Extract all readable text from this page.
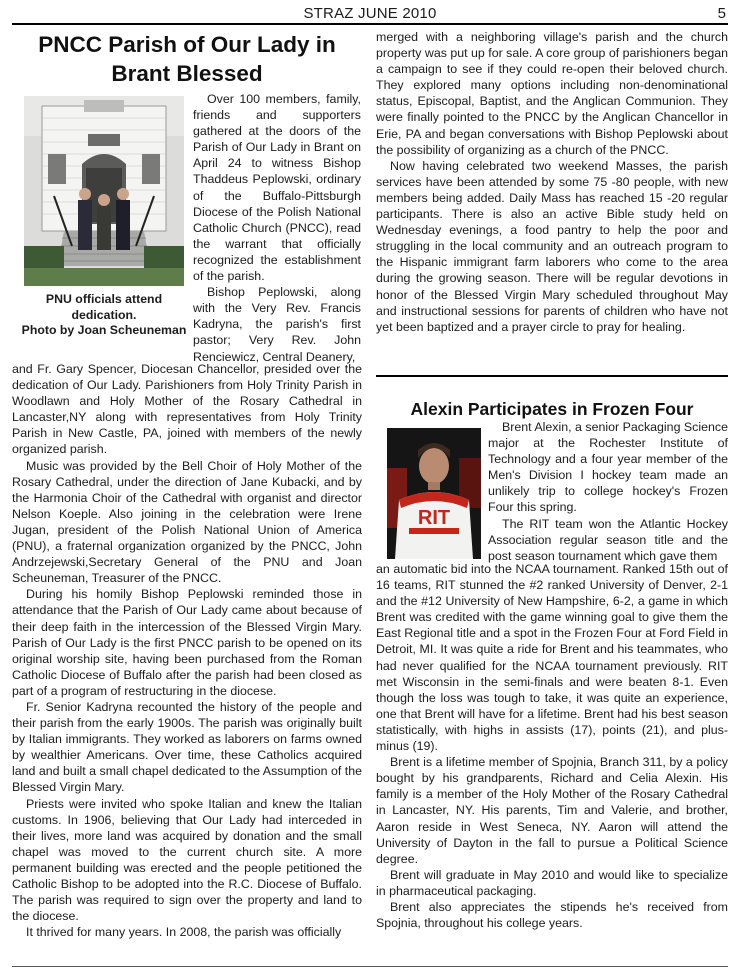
STRAZ JUNE 2010	5
PNCC Parish of Our Lady in Brant Blessed
PNU officials attend dedication.
Photo by Joan Scheuneman

Over 100 members, family, friends and supporters gathered at the doors of the Parish of Our Lady in Brant on April 24 to witness Bishop Thaddeus Peplowski, ordinary of the Buffalo-Pittsburgh Diocese of the Polish National Catholic Church (PNCC), read the warrant that officially recognized the establishment of the parish.

Bishop Peplowski, along with the Very Rev. Francis Kadryna, the parish's first pastor; Very Rev. John Renciewicz, Central Deanery,

and Fr. Gary Spencer, Diocesan Chancellor, presided over the dedication of Our Lady. Parishioners from Holy Trinity Parish in Woodlawn and Holy Mother of the Rosary Cathedral in Lancaster,NY along with representatives from Holy Trinity Parish in New Castle, PA, joined with members of the newly organized parish.

Music was provided by the Bell Choir of Holy Mother of the Rosary Cathedral, under the direction of Jane Kubacki, and by the Harmonia Choir of the Cathedral with organist and director Nelson Koeple. Also joining in the celebration were Irene Jugan, president of the Polish National Union of America (PNU), a fraternal organization organized by the PNCC, John Andrzejewski,Secretary General of the PNU and Joan Scheuneman, Treasurer of the PNCC.

During his homily Bishop Peplowski reminded those in attendance that the Parish of Our Lady came about because of their deep faith in the intercession of the Blessed Virgin Mary. Parish of Our Lady is the first PNCC parish to be opened on its original worship site, having been purchased from the Roman Catholic Diocese of Buffalo after the parish had been closed as part of a program of restructuring in the diocese.

Fr. Senior Kadryna recounted the history of the people and their parish from the early 1900s. The parish was originally built by Italian immigrants. They worked as laborers on farms owned by wealthier Americans. Over time, these Catholics acquired land and built a small chapel dedicated to the Assumption of the Blessed Virgin Mary.

Priests were invited who spoke Italian and knew the Italian customs. In 1906, believing that Our Lady had interceded in their lives, more land was acquired by donation and the small chapel was moved to the current church site. A more permanent building was erected and the people petitioned the Catholic Bishop to be adopted into the R.C. Diocese of Buffalo. The parish was required to sign over the property and land to the diocese.

It thrived for many years. In 2008, the parish was officially

merged with a neighboring village's parish and the church property was put up for sale. A core group of parishioners began a campaign to see if they could re-open their beloved church. They explored many options including non-denominational status, Episcopal, Baptist, and the Anglican Communion. They were finally pointed to the PNCC by the Anglican Chancellor in Erie, PA and began conversations with Bishop Peplowski about the possibility of organizing as a church of the PNCC.

Now having celebrated two weekend Masses, the parish services have been attended by some 75 -80 people, with new members being added. Daily Mass has reached 15 -20 regular participants. There is also an active Bible study held on Wednesday evenings, a food pantry to help the poor and struggling in the local community and an outreach program to the Hispanic immigrant farm laborers who come to the area during the growing season. There will be regular devotions in honor of the Blessed Virgin Mary scheduled throughout May and instructional sessions for parents of children who have not yet been baptized and a prayer circle to pray for healing.

Alexin Participates in Frozen Four
RIT

Brent Alexin, a senior Packaging Science major at the Rochester Institute of Technology and a four year member of the Men's Division I hockey team made an unlikely trip to college hockey's Frozen Four this spring.

The RIT team won the Atlantic Hockey Association regular season title and the post season tournament which gave them

an automatic bid into the NCAA tournament. Ranked 15th out of 16 teams, RIT stunned the #2 ranked University of Denver, 2-1 and the #12 University of New Hampshire, 6-2, a game in which Brent was credited with the game winning goal to give them the East Regional title and a spot in the Frozen Four at Ford Field in Detroit, MI. It was quite a ride for Brent and his teammates, who had never qualified for the NCAA tournament previously. RIT met Wisconsin in the semi-finals and were beaten 8-1. Even though the loss was tough to take, it was quite an experience, one that Brent will have for a lifetime. Brent had his best season statistically, with highs in assists (17), points (21), and plus-minus (19).

Brent is a lifetime member of Spojnia, Branch 311, by a policy bought by his grandparents, Richard and Celia Alexin. His family is a member of the Holy Mother of the Rosary Cathedral in Lancaster, NY. His parents, Tim and Valerie, and brother, Aaron reside in West Seneca, NY. Aaron will attend the University of Dayton in the fall to pursue a Political Science degree.

Brent will graduate in May 2010 and would like to specialize in pharmaceutical packaging.

Brent also appreciates the stipends he's received from Spojnia, throughout his college years.
